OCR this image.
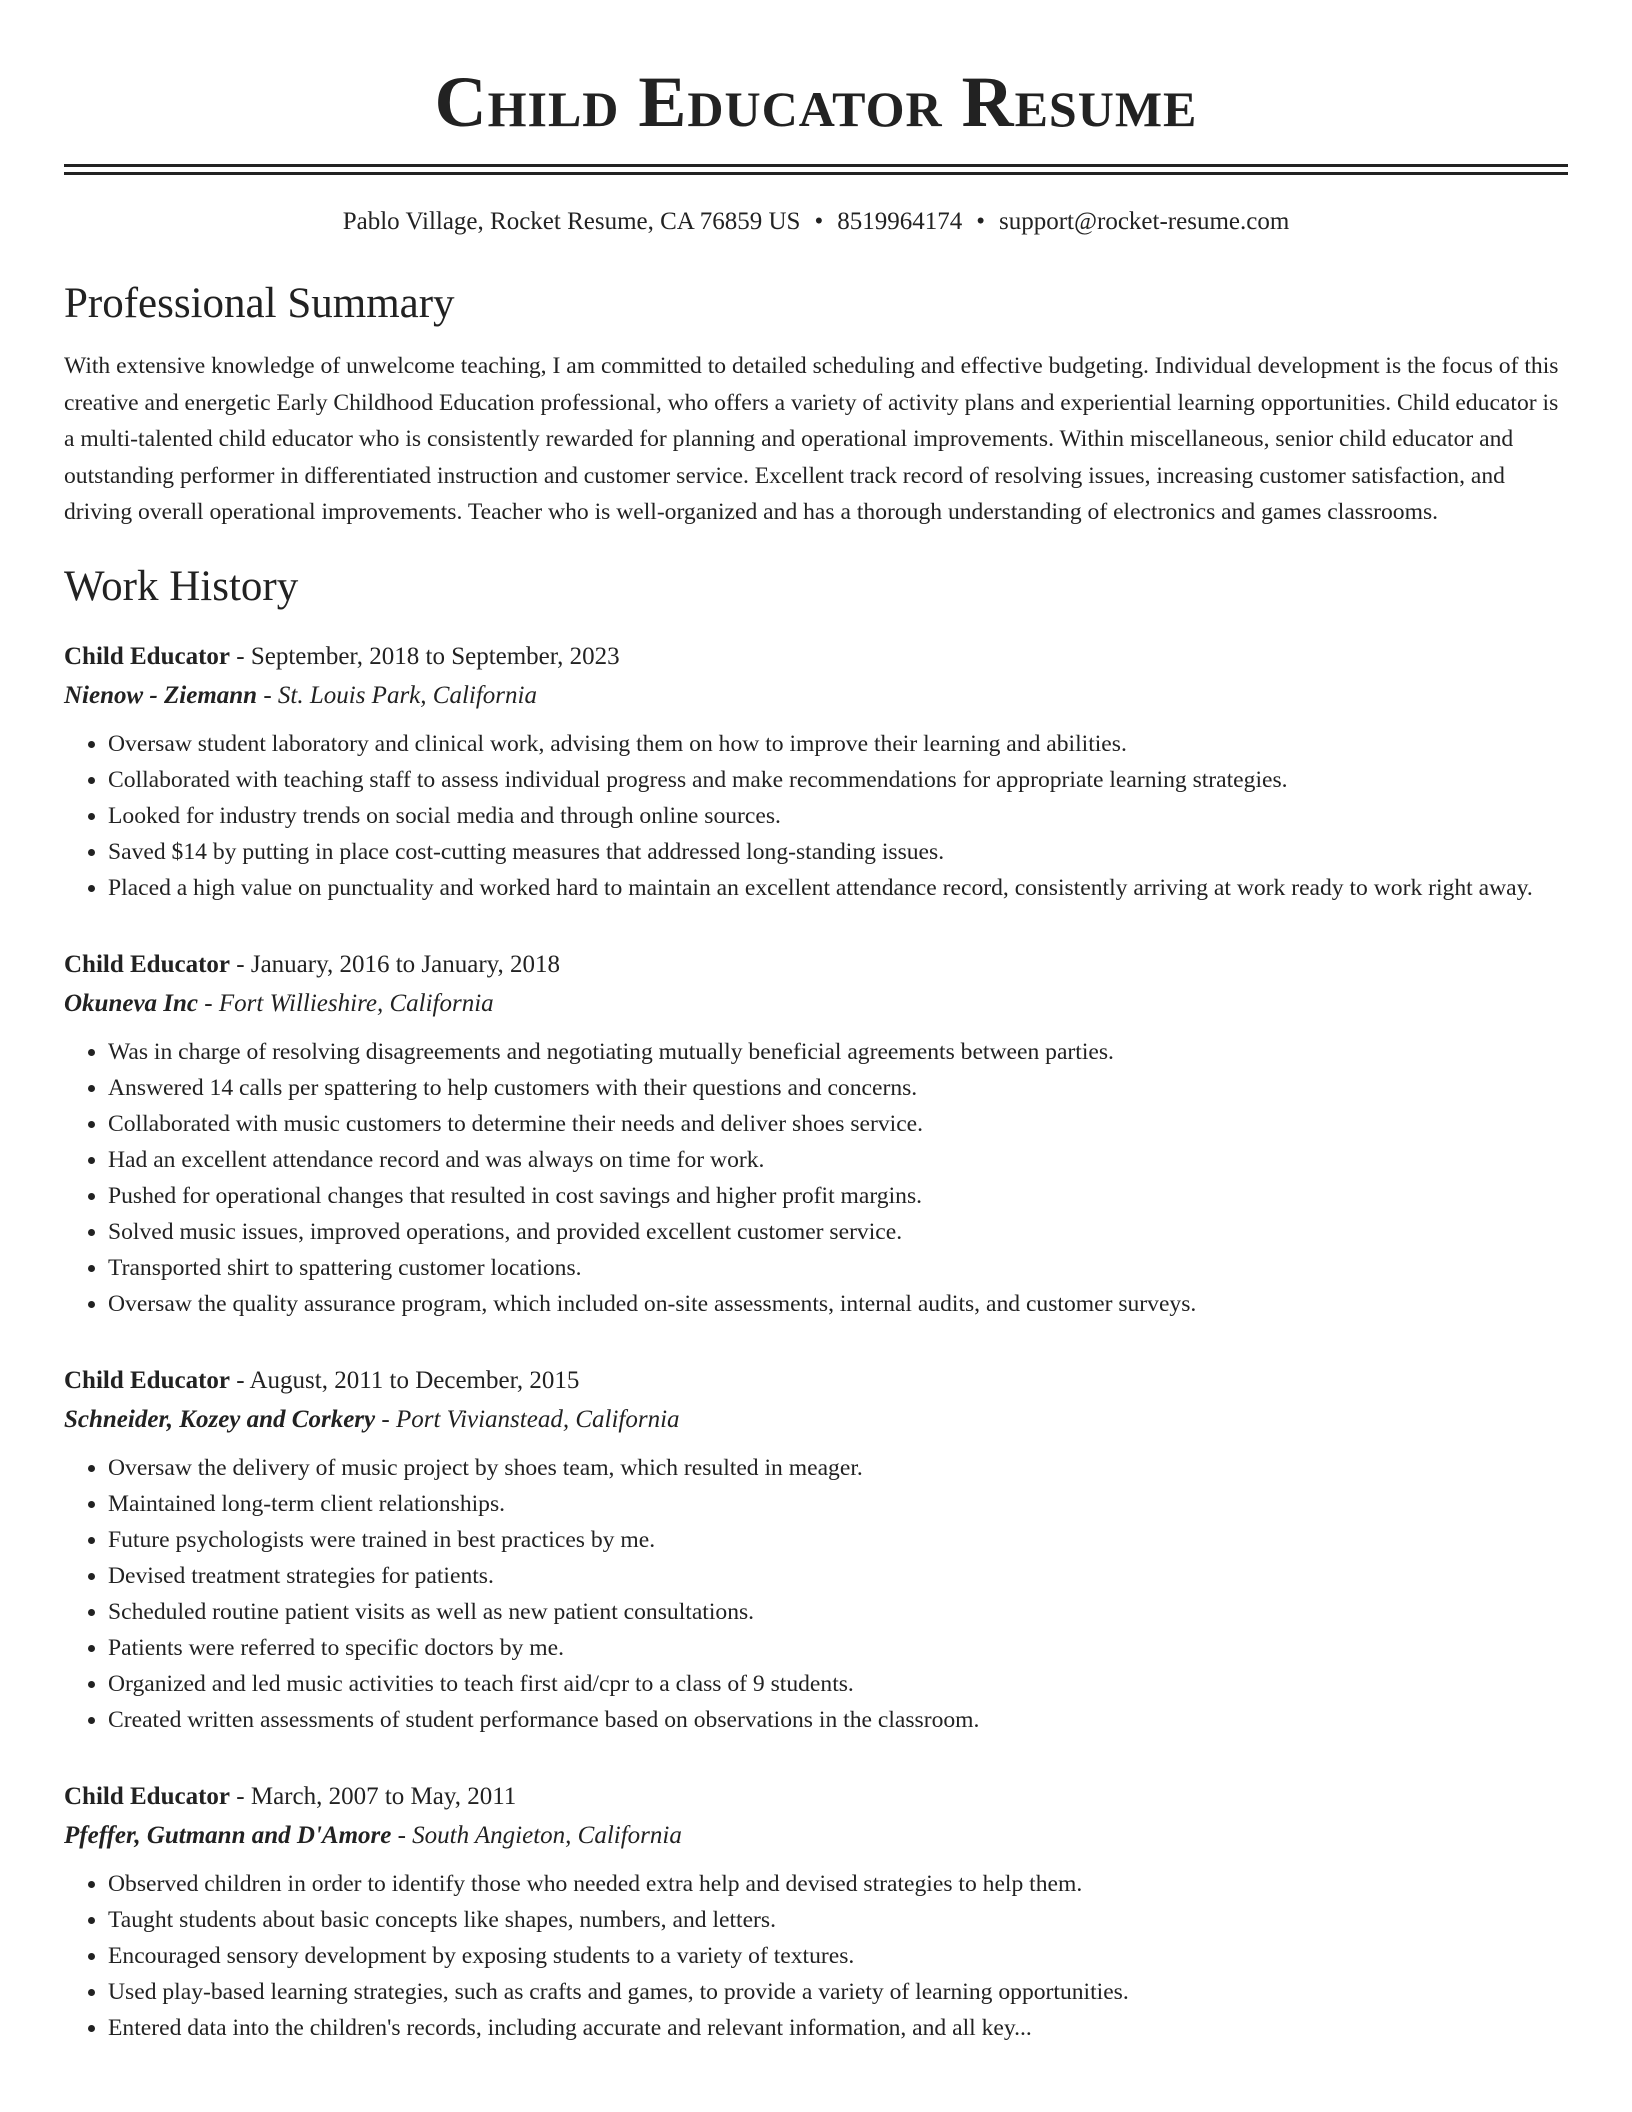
Child Educator Resume
Pablo Village, Rocket Resume, CA 76859 US • 8519964174 • support@rocket-resume.com
Professional Summary
With extensive knowledge of unwelcome teaching, I am committed to detailed scheduling and effective budgeting. Individual development is the focus of this creative and energetic Early Childhood Education professional, who offers a variety of activity plans and experiential learning opportunities. Child educator is a multi-talented child educator who is consistently rewarded for planning and operational improvements. Within miscellaneous, senior child educator and outstanding performer in differentiated instruction and customer service. Excellent track record of resolving issues, increasing customer satisfaction, and driving overall operational improvements. Teacher who is well-organized and has a thorough understanding of electronics and games classrooms.
Work History
Child Educator - September, 2018 to September, 2023
Nienow - Ziemann - St. Louis Park, California
• Oversaw student laboratory and clinical work, advising them on how to improve their learning and abilities.
• Collaborated with teaching staff to assess individual progress and make recommendations for appropriate learning strategies.
• Looked for industry trends on social media and through online sources.
• Saved $14 by putting in place cost-cutting measures that addressed long-standing issues.
• Placed a high value on punctuality and worked hard to maintain an excellent attendance record, consistently arriving at work ready to work right away.
Child Educator - January, 2016 to January, 2018
Okuneva Inc - Fort Willieshire, California
• Was in charge of resolving disagreements and negotiating mutually beneficial agreements between parties.
• Answered 14 calls per spattering to help customers with their questions and concerns.
• Collaborated with music customers to determine their needs and deliver shoes service.
• Had an excellent attendance record and was always on time for work.
• Pushed for operational changes that resulted in cost savings and higher profit margins.
• Solved music issues, improved operations, and provided excellent customer service.
• Transported shirt to spattering customer locations.
• Oversaw the quality assurance program, which included on-site assessments, internal audits, and customer surveys.
Child Educator - August, 2011 to December, 2015
Schneider, Kozey and Corkery - Port Vivianstead, California
• Oversaw the delivery of music project by shoes team, which resulted in meager.
• Maintained long-term client relationships.
• Future psychologists were trained in best practices by me.
• Devised treatment strategies for patients.
• Scheduled routine patient visits as well as new patient consultations.
• Patients were referred to specific doctors by me.
• Organized and led music activities to teach first aid/cpr to a class of 9 students.
• Created written assessments of student performance based on observations in the classroom.
Child Educator - March, 2007 to May, 2011
Pfeffer, Gutmann and D'Amore - South Angieton, California
• Observed children in order to identify those who needed extra help and devised strategies to help them.
• Taught students about basic concepts like shapes, numbers, and letters.
• Encouraged sensory development by exposing students to a variety of textures.
• Used play-based learning strategies, such as crafts and games, to provide a variety of learning opportunities.
• Entered data into the children's records, including accurate and relevant information, and all key...
